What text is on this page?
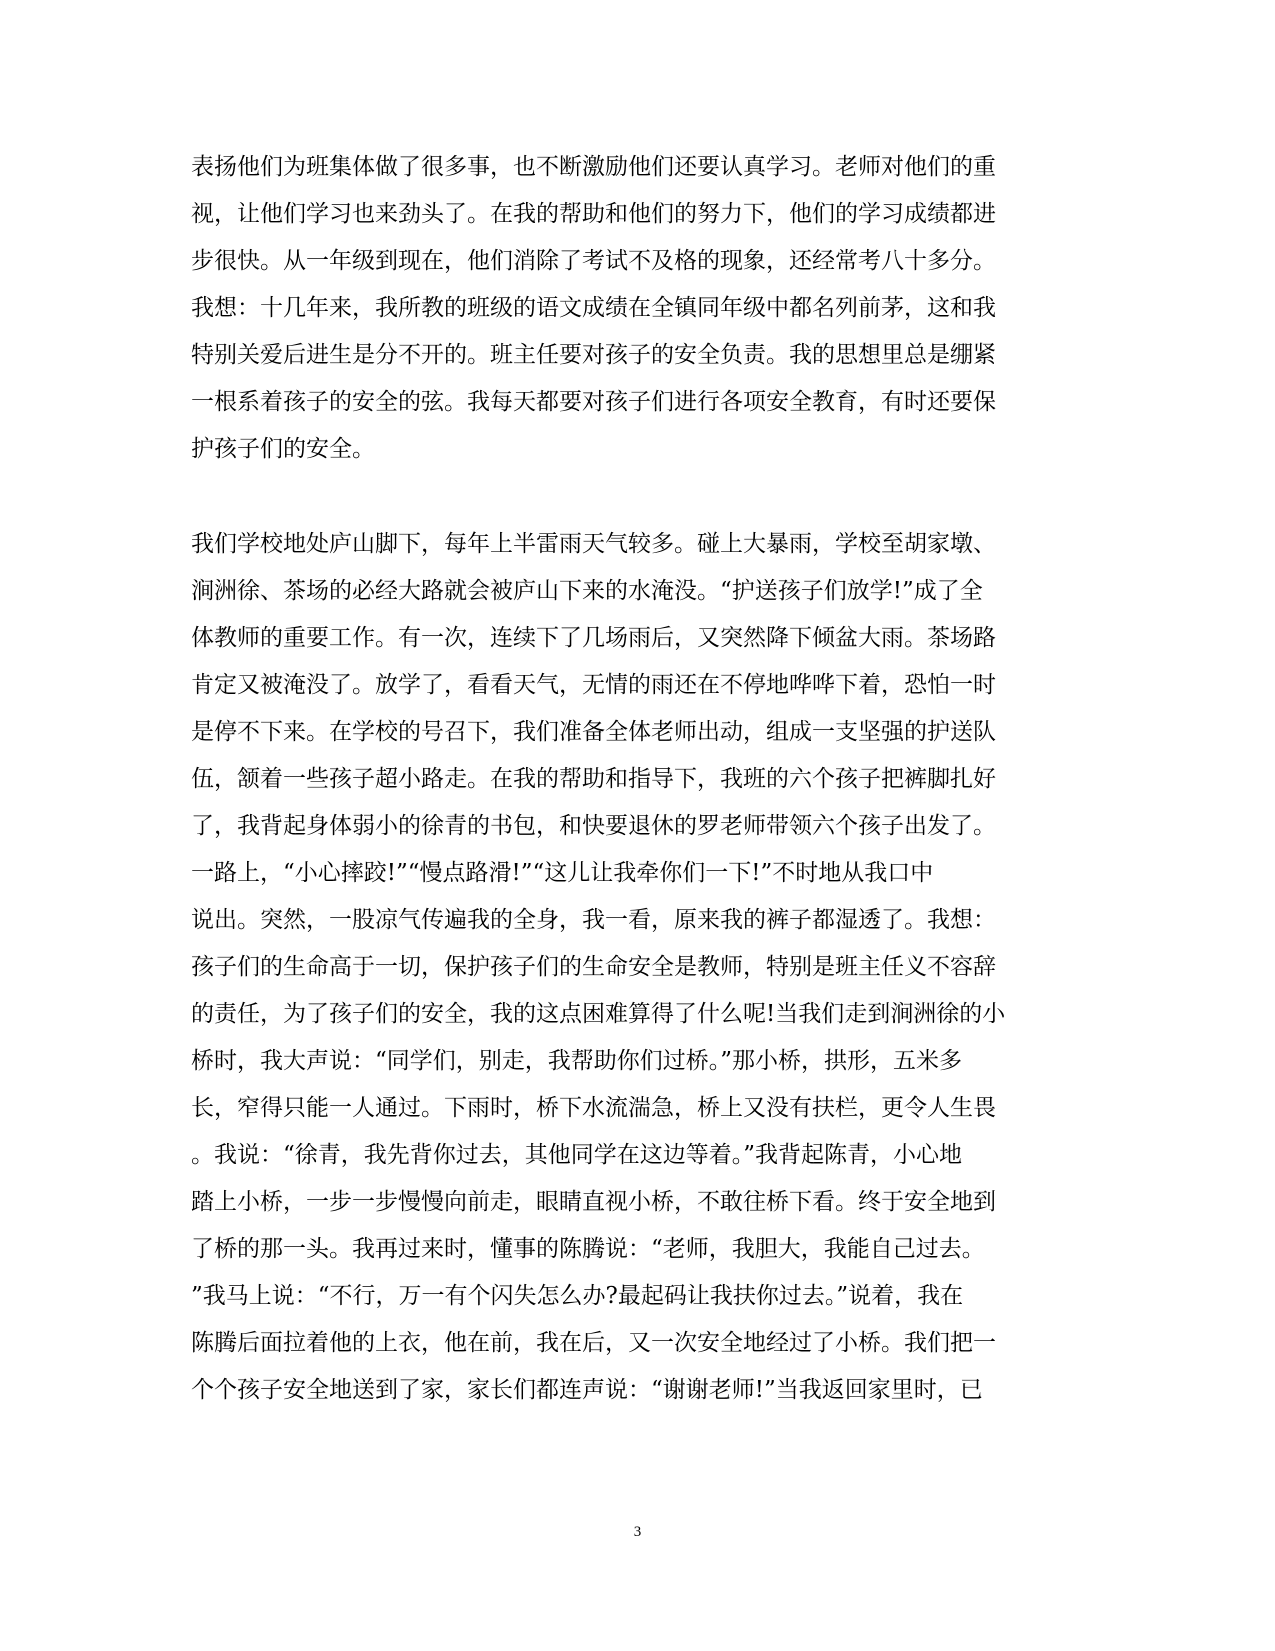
表扬他们为班集体做了很多事，也不断激励他们还要认真学习。老师对他们的重
视，让他们学习也来劲头了。在我的帮助和他们的努力下，他们的学习成绩都进
步很快。从一年级到现在，他们消除了考试不及格的现象，还经常考八十多分。
我想：十几年来，我所教的班级的语文成绩在全镇同年级中都名列前茅，这和我
特别关爱后进生是分不开的。班主任要对孩子的安全负责。我的思想里总是绷紧
一根系着孩子的安全的弦。我每天都要对孩子们进行各项安全教育，有时还要保
护孩子们的安全。
我们学校地处庐山脚下，每年上半雷雨天气较多。碰上大暴雨，学校至胡家墩、
涧洲徐、茶场的必经大路就会被庐山下来的水淹没。“护送孩子们放学!”成了全
体教师的重要工作。有一次，连续下了几场雨后，又突然降下倾盆大雨。茶场路
肯定又被淹没了。放学了，看看天气，无情的雨还在不停地哗哗下着，恐怕一时
是停不下来。在学校的号召下，我们准备全体老师出动，组成一支坚强的护送队
伍，颔着一些孩子超小路走。在我的帮助和指导下，我班的六个孩子把裤脚扎好
了，我背起身体弱小的徐青的书包，和快要退休的罗老师带领六个孩子出发了。
一路上，“小心摔跤!”“慢点路滑!”“这儿让我牵你们一下!”不时地从我口中
说出。突然，一股凉气传遍我的全身，我一看，原来我的裤子都湿透了。我想：
孩子们的生命高于一切，保护孩子们的生命安全是教师，特别是班主任义不容辞
的责任，为了孩子们的安全，我的这点困难算得了什么呢!当我们走到涧洲徐的小
桥时，我大声说：“同学们，别走，我帮助你们过桥。”那小桥，拱形，五米多
长，窄得只能一人通过。下雨时，桥下水流湍急，桥上又没有扶栏，更令人生畏
。我说：“徐青，我先背你过去，其他同学在这边等着。”我背起陈青，小心地
踏上小桥，一步一步慢慢向前走，眼睛直视小桥，不敢往桥下看。终于安全地到
了桥的那一头。我再过来时，懂事的陈腾说：“老师，我胆大，我能自己过去。
”我马上说：“不行，万一有个闪失怎么办?最起码让我扶你过去。”说着，我在
陈腾后面拉着他的上衣，他在前，我在后，又一次安全地经过了小桥。我们把一
个个孩子安全地送到了家，家长们都连声说：“谢谢老师!”当我返回家里时，已
3
